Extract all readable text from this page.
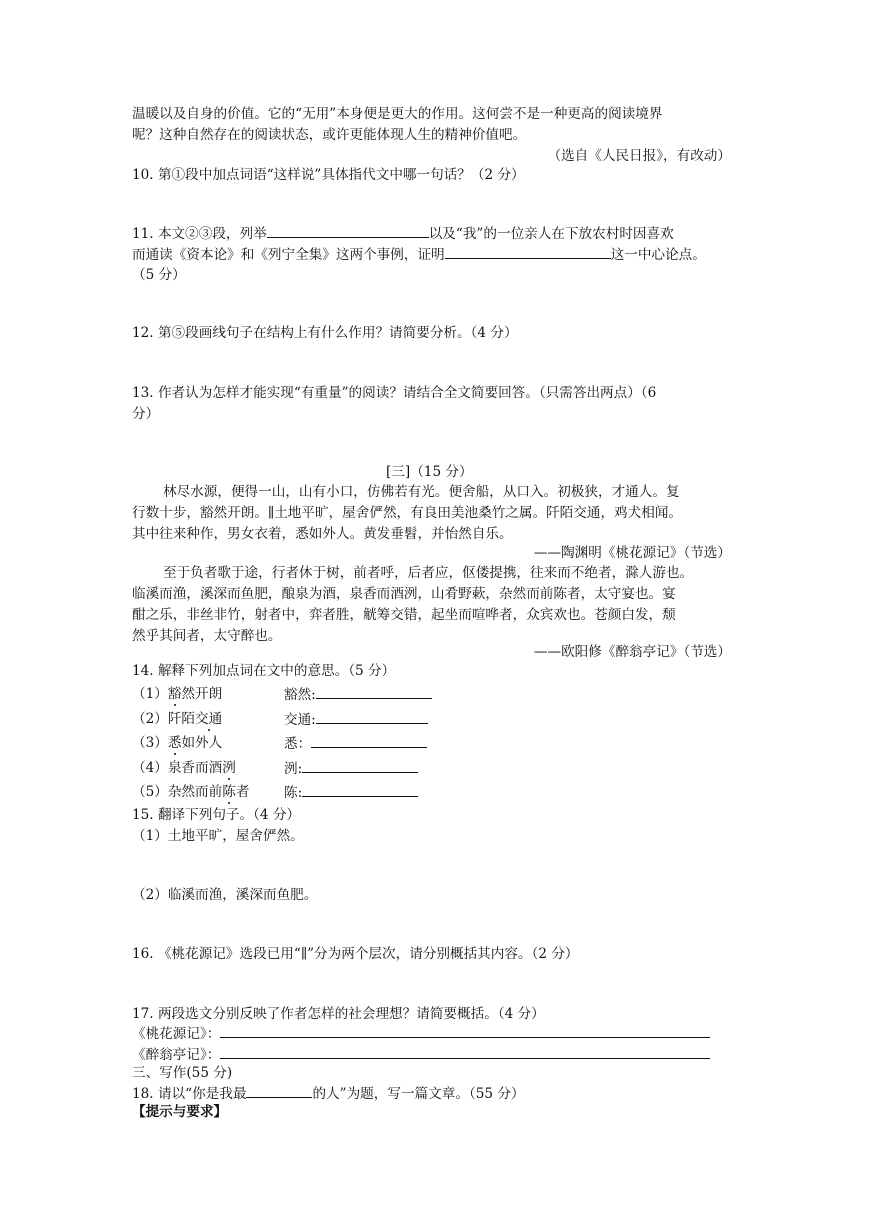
温暖以及自身的价值。它的“无用”本身便是更大的作用。这何尝不是一种更高的阅读境界
呢？这种自然存在的阅读状态，或许更能体现人生的精神价值吧。
（选自《人民日报》，有改动）
10. 第①段中加点词语“这样说”具体指代文中哪一句话？（2 分）
11. 本文②③段，列举	以及“我”的一位亲人在下放农村时因喜欢
而通读《资本论》和《列宁全集》这两个事例，证明	这一中心论点。
（5 分）
12. 第⑤段画线句子在结构上有什么作用？请简要分析。（4 分）
13. 作者认为怎样才能实现“有重量”的阅读？请结合全文简要回答。（只需答出两点）（6
分）
[三]（15 分）
林尽水源，便得一山，山有小口，仿佛若有光。便舍船，从口入。初极狭，才通人。复
行数十步，豁然开朗。∥土地平旷，屋舍俨然，有良田美池桑竹之属。阡陌交通，鸡犬相闻。
其中往来种作，男女衣着，悉如外人。黄发垂髫，并怡然自乐。
——陶渊明《桃花源记》（节选）
至于负者歌于途，行者休于树，前者呼，后者应，伛偻提携，往来而不绝者，滁人游也。
临溪而渔，溪深而鱼肥，酿泉为酒，泉香而酒洌，山肴野蔌，杂然而前陈者，太守宴也。宴
酣之乐，非丝非竹，射者中，弈者胜，觥筹交错，起坐而喧哗者，众宾欢也。苍颜白发，颓
然乎其间者，太守醉也。
——欧阳修《醉翁亭记》（节选）
14. 解释下列加点词在文中的意思。（5 分）
（1）豁然开朗	豁然:
（2）阡陌交通	交通:
（3）悉如外人	悉：
（4）泉香而酒洌	洌:
（5）杂然而前陈者	陈:
15. 翻译下列句子。（4 分）
（1）土地平旷，屋舍俨然。
（2）临溪而渔，溪深而鱼肥。
16. 《桃花源记》选段已用“∥”分为两个层次，请分别概括其内容。（2 分）
17. 两段选文分别反映了作者怎样的社会理想？请简要概括。（4 分）
《桃花源记》：
《醉翁亭记》：
三、写作(55 分)
18. 请以“你是我最	的人”为题，写一篇文章。（55 分）
【提示与要求】
